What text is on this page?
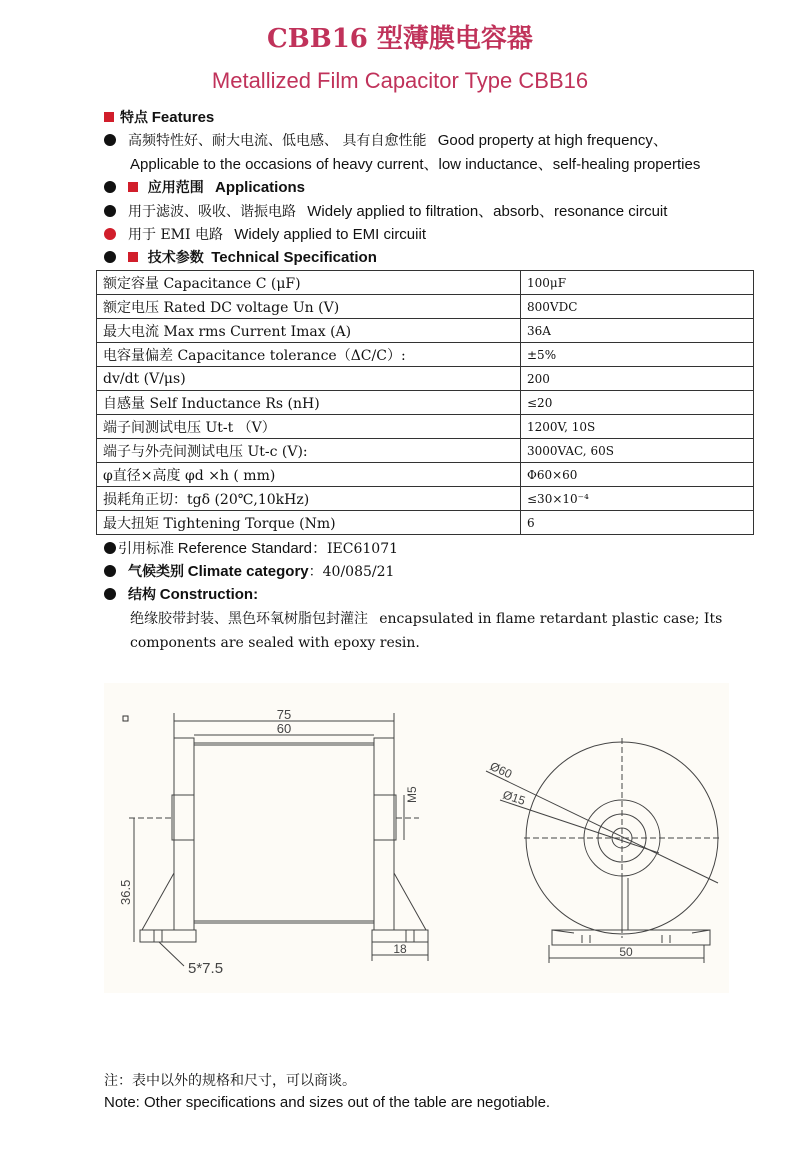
CBB16 型薄膜电容器
Metallized Film Capacitor Type CBB16
特点 Features
高频特性好、耐大电流、低电感、 具有自愈性能 Good property at high frequency、
Applicable to the occasions of heavy current、low inductance、self-healing properties
应用范围 Applications
用于滤波、吸收、谐振电路 Widely applied to filtration、absorb、resonance circuit
用于 EMI 电路 Widely applied to EMI circuiit
技术参数 Technical Specification
额定容量 Capacitance C (μF)	100μF
额定电压 Rated DC voltage Un (V)	800VDC
最大电流 Max rms Current Imax (A)	36A
电容量偏差 Capacitance tolerance（ΔC/C）:	±5%
dv/dt (V/μs)	200
自感量 Self Inductance Rs (nH)	≤20
端子间测试电压 Ut-t （V）	1200V, 10S
端子与外壳间测试电压 Ut-c (V):	3000VAC, 60S
φ直径×高度 φd ×h ( mm)	Φ60×60
损耗角正切：tgδ (20℃,10kHz)	≤30×10⁻⁴
最大扭矩 Tightening Torque (Nm)	6
引用标准 Reference Standard：IEC61071
气候类别 Climate category：40/085/21
结构 Construction:
绝缘胶带封装、黑色环氧树脂包封灌注 encapsulated in flame retardant plastic case; Its
components are sealed with epoxy resin.
75
60
M5
36.5
18
5*7.5
Ø60
Ø15
50
注：表中以外的规格和尺寸，可以商谈。
Note: Other specifications and sizes out of the table are negotiable.
